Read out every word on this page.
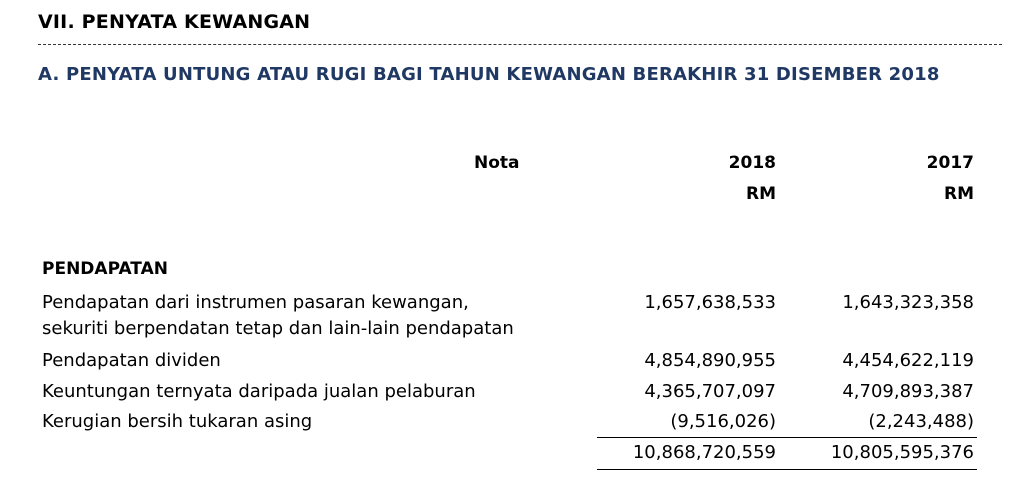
VII. PENYATA KEWANGAN
A. PENYATA UNTUNG ATAU RUGI BAGI TAHUN KEWANGAN BERAKHIR 31 DISEMBER 2018
Nota	2018	2017
RM	RM
PENDAPATAN
Pendapatan dari instrumen pasaran kewangan,
sekuriti berpendatan tetap dan lain-lain pendapatan
1,657,638,533	1,643,323,358
Pendapatan dividen	4,854,890,955	4,454,622,119
Keuntungan ternyata daripada jualan pelaburan	4,365,707,097	4,709,893,387
Kerugian bersih tukaran asing	(9,516,026)	(2,243,488)
10,868,720,559	10,805,595,376
